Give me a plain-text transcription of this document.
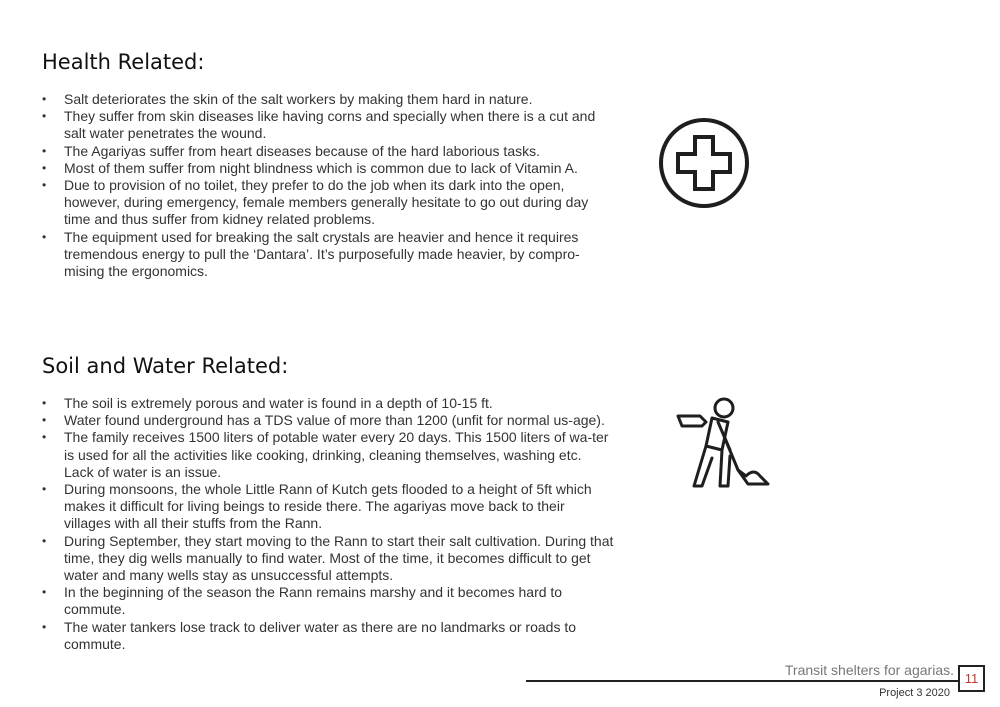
Health Related:
• Salt deteriorates the skin of the salt workers by making them hard in nature.
• They suffer from skin diseases like having corns and specially when there is a cut and salt water penetrates the wound.
• The Agariyas suffer from heart diseases because of the hard laborious tasks.
• Most of them suffer from night blindness which is common due to lack of Vitamin A.
• Due to provision of no toilet, they prefer to do the job when its dark into the open, however, during emergency, female members generally hesitate to go out during day time and thus suffer from kidney related problems.
• The equipment used for breaking the salt crystals are heavier and hence it requires tremendous energy to pull the ‘Dantara’. It’s purposefully made heavier, by compro-mising the ergonomics.
Soil and Water Related:
• The soil is extremely porous and water is found in a depth of 10-15 ft.
• Water found underground has a TDS value of more than 1200 (unfit for normal us-age).
• The family receives 1500 liters of potable water every 20 days. This 1500 liters of wa-ter is used for all the activities like cooking, drinking, cleaning themselves, washing etc. Lack of water is an issue.
• During monsoons, the whole Little Rann of Kutch gets flooded to a height of 5ft which makes it difficult for living beings to reside there. The agariyas move back to their villages with all their stuffs from the Rann.
• During September, they start moving to the Rann to start their salt cultivation. During that time, they dig wells manually to find water. Most of the time, it becomes difficult to get water and many wells stay as unsuccessful attempts.
• In the beginning of the season the Rann remains marshy and it becomes hard to commute.
• The water tankers lose track to deliver water as there are no landmarks or roads to commute.
Transit shelters for agarias.
11
Project 3 2020
